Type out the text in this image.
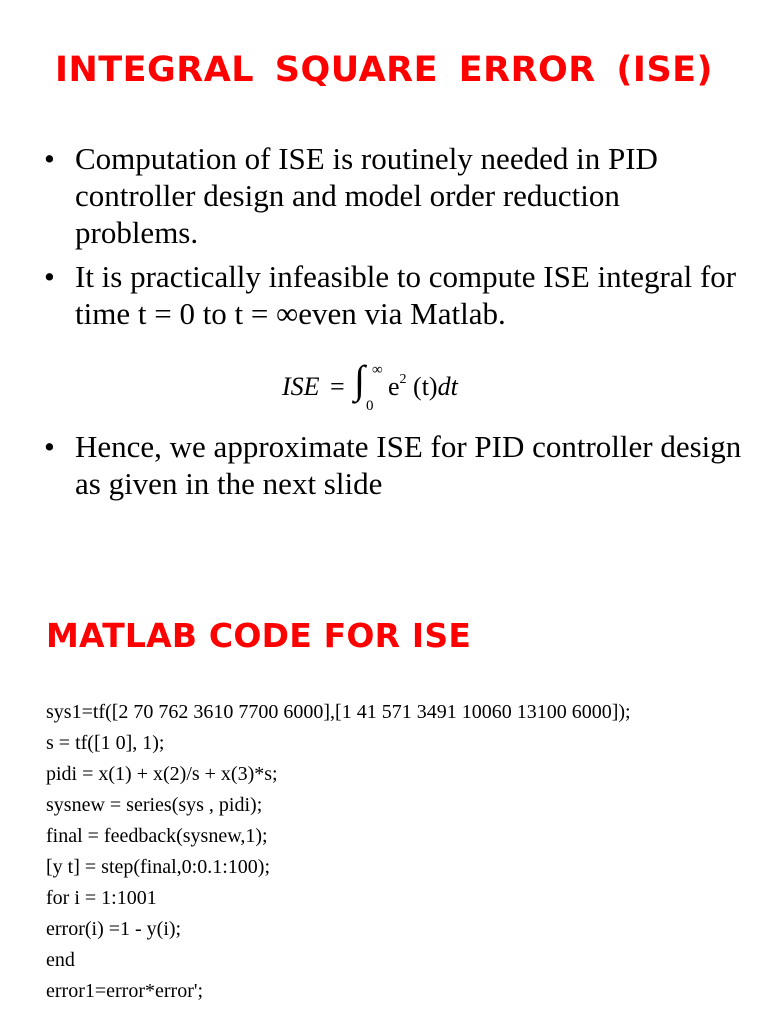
INTEGRAL SQUARE ERROR (ISE)
• Computation of ISE is routinely needed in PID controller design and model order reduction problems.
• It is practically infeasible to compute ISE integral for time t = 0 to t = ∞even via Matlab.
ISE = ∫ ∞
0
$e^2$ (t)dt
• Hence, we approximate ISE for PID controller design as given in the next slide
MATLAB CODE FOR ISE
sys1=tf([2 70 762 3610 7700 6000],[1 41 571 3491 10060 13100 6000]);
s = tf([1 0], 1);
pidi = x(1) + x(2)/s + x(3)*s;
sysnew = series(sys , pidi);
final = feedback(sysnew,1);
[y t] = step(final,0:0.1:100);
for i = 1:1001
error(i) =1 - y(i);
end
error1=error*error';
